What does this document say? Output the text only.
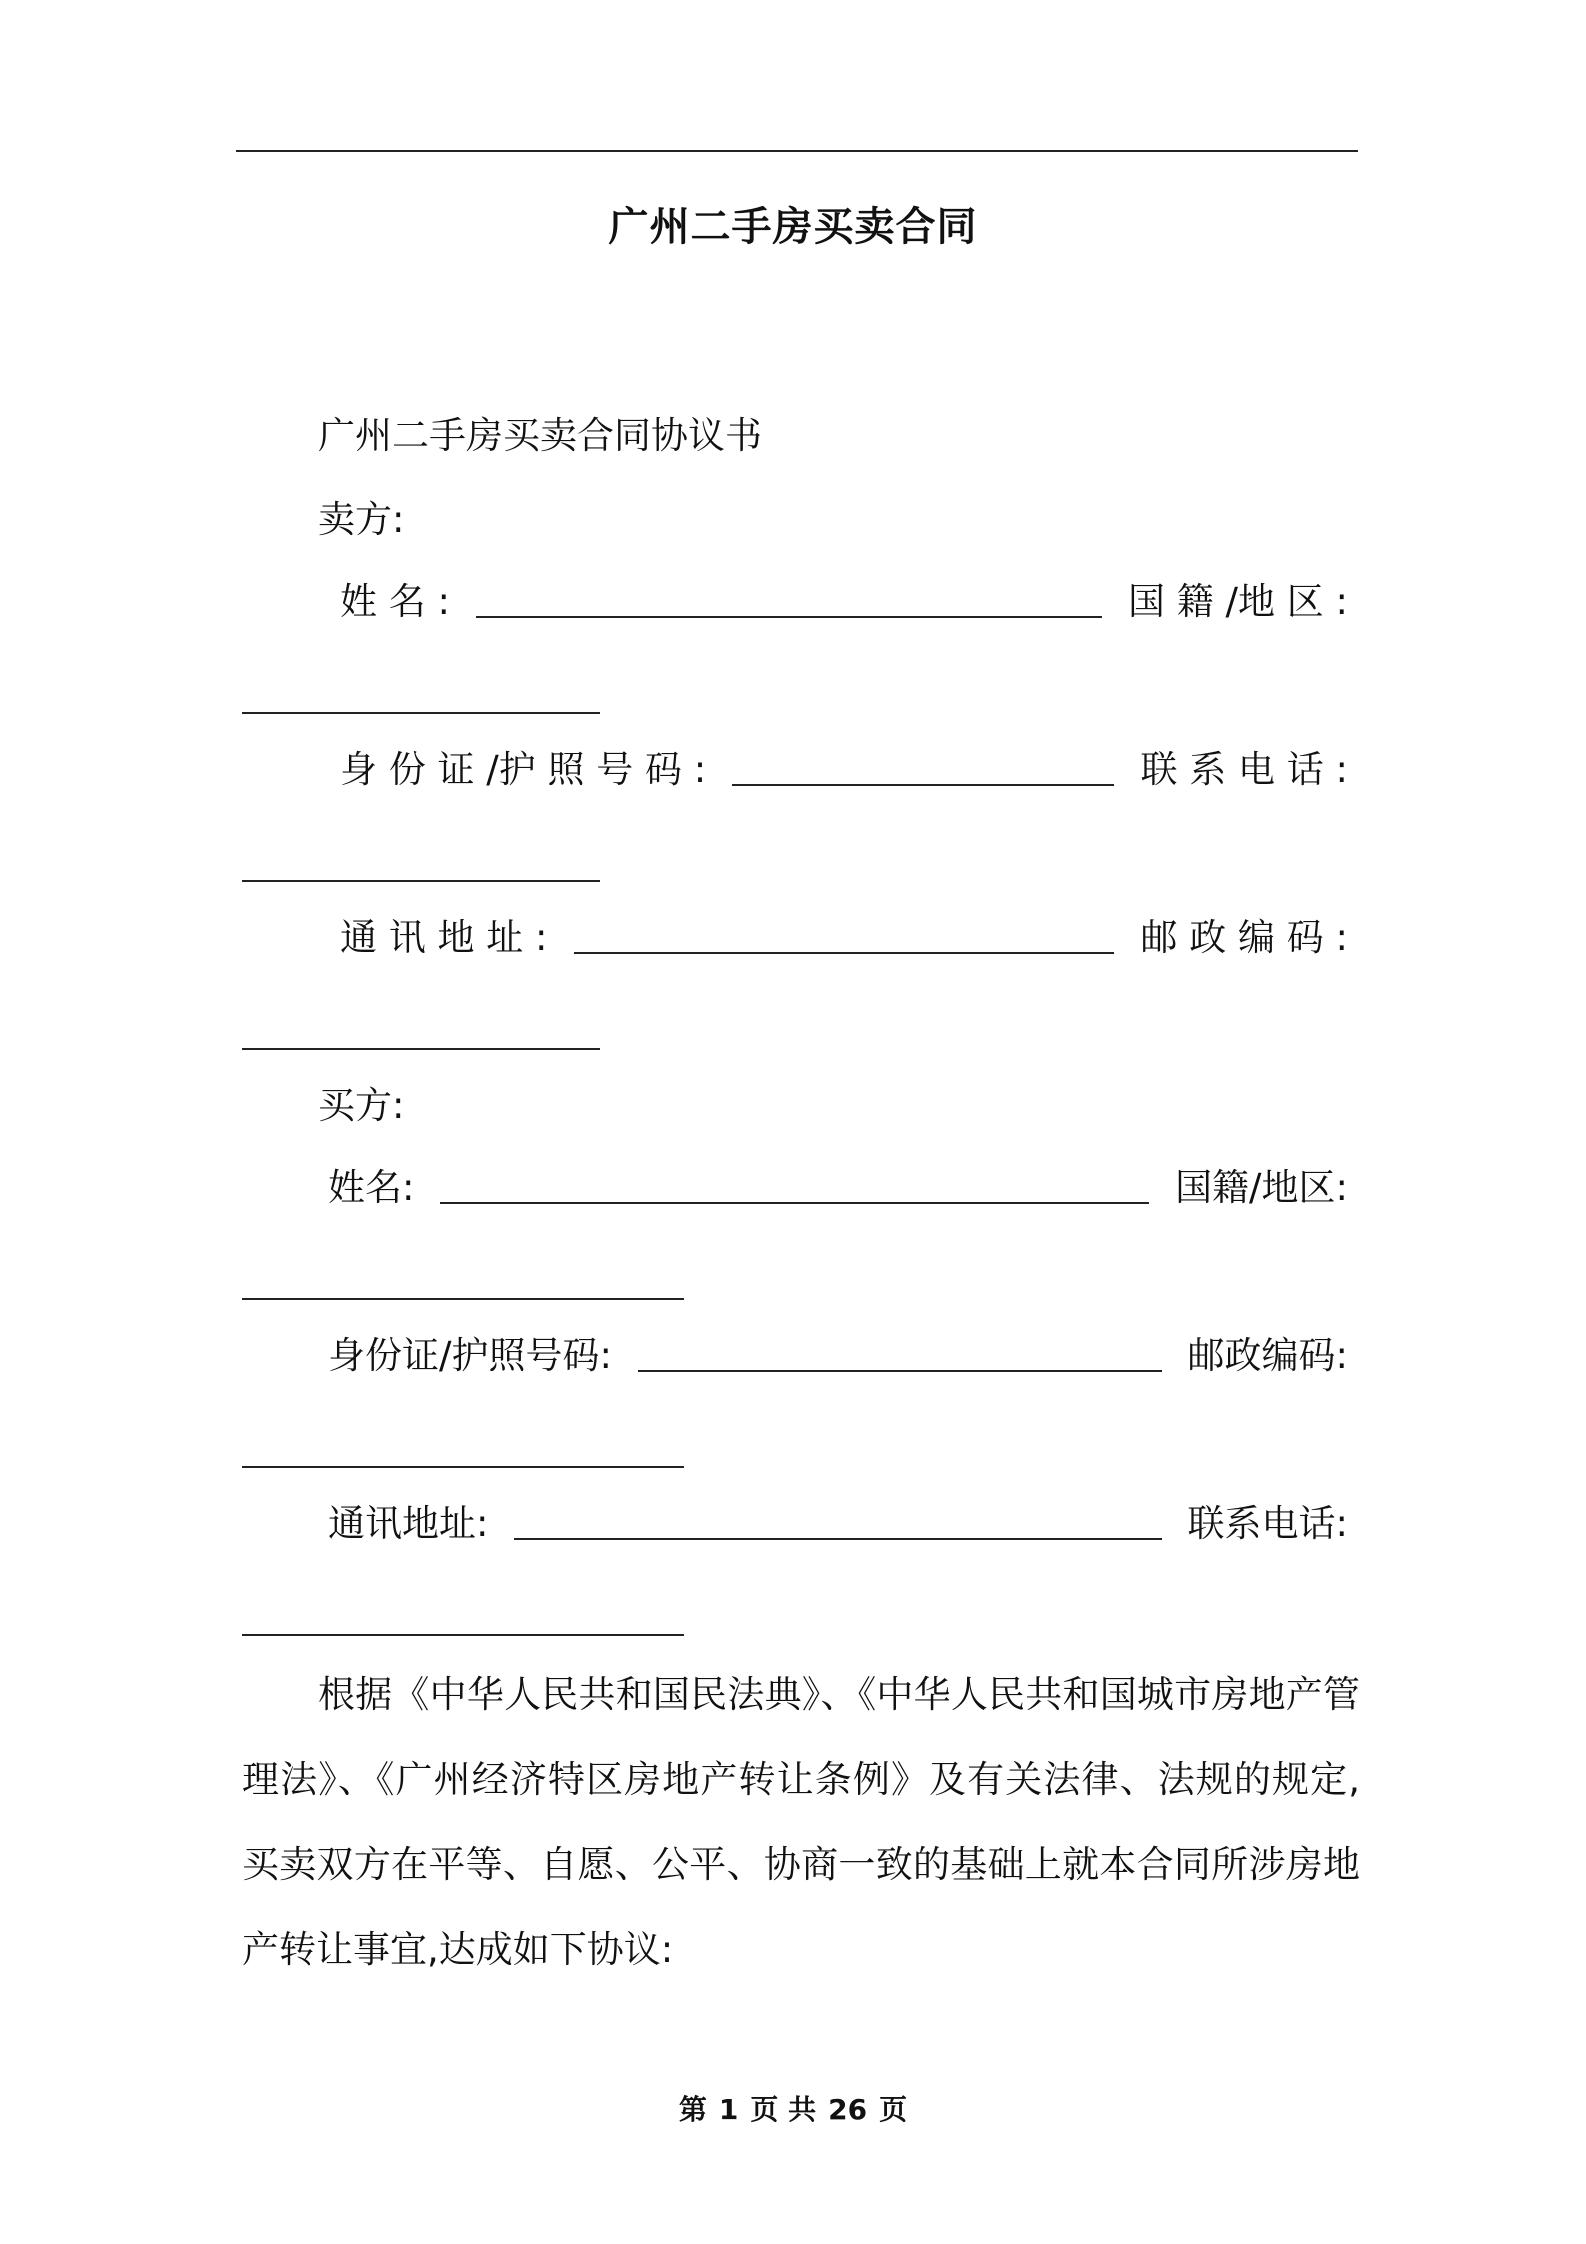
广州二手房买卖合同
广州二手房买卖合同协议书
卖方:
姓 名 :	国 籍 /地 区 :
身 份 证 /护 照 号 码 :	联 系 电 话 :
通 讯 地 址 :	邮 政 编 码 :
买方:
姓名:	国籍/地区:
身份证/护照号码:	邮政编码:
通讯地址:	联系电话:
根据《中华人民共和国民法典》、《中华人民共和国城市房地产管
理法》、《广州经济特区房地产转让条例》及有关法律、法规的规定,
买卖双方在平等、自愿、公平、协商一致的基础上就本合同所涉房地
产转让事宜,达成如下协议:
第 1 页 共 26 页
